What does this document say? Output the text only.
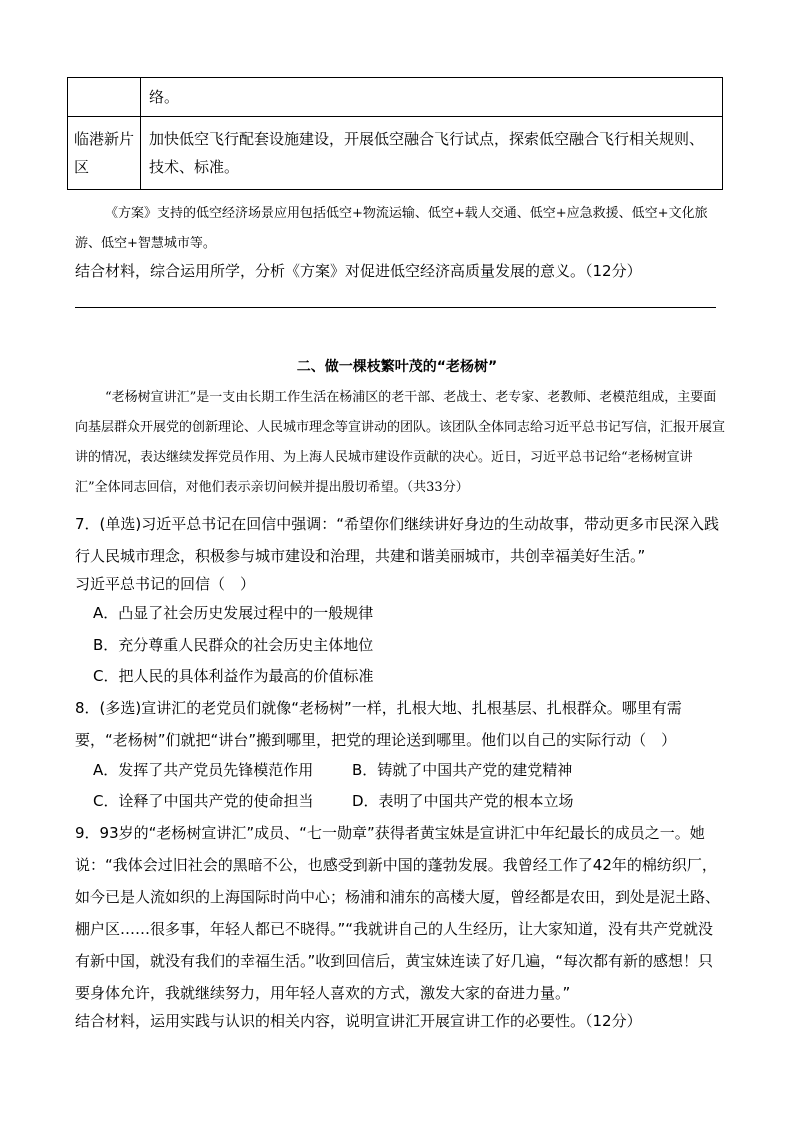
	络。
临港新片区	加快低空飞行配套设施建设，开展低空融合飞行试点，探索低空融合飞行相关规则、技术、标准。

《方案》支持的低空经济场景应用包括低空+物流运输、低空+载人交通、低空+应急救援、低空+文化旅游、低空+智慧城市等。

结合材料，综合运用所学，分析《方案》对促进低空经济高质量发展的意义。（12分）

二、做一棵枝繁叶茂的“老杨树”

“老杨树宣讲汇”是一支由长期工作生活在杨浦区的老干部、老战士、老专家、老教师、老模范组成，主要面向基层群众开展党的创新理论、人民城市理念等宣讲动的团队。该团队全体同志给习近平总书记写信，汇报开展宣讲的情况，表达继续发挥党员作用、为上海人民城市建设作贡献的决心。近日，习近平总书记给“老杨树宣讲汇”全体同志回信，对他们表示亲切问候并提出殷切希望。（共33分）

7．(单选)习近平总书记在回信中强调：“希望你们继续讲好身边的生动故事，带动更多市民深入践行人民城市理念，积极参与城市建设和治理，共建和谐美丽城市，共创幸福美好生活。”

习近平总书记的回信（　）

A．凸显了社会历史发展过程中的一般规律
B．充分尊重人民群众的社会历史主体地位
C．把人民的具体利益作为最高的价值标准

8．(多选)宣讲汇的老党员们就像“老杨树”一样，扎根大地、扎根基层、扎根群众。哪里有需要，“老杨树”们就把“讲台”搬到哪里，把党的理论送到哪里。他们以自己的实际行动（　）

A．发挥了共产党员先锋模范作用	B．铸就了中国共产党的建党精神
C．诠释了中国共产党的使命担当	D．表明了中国共产党的根本立场

9．93岁的“老杨树宣讲汇”成员、“七一勋章”获得者黄宝妹是宣讲汇中年纪最长的成员之一。她说：“我体会过旧社会的黑暗不公，也感受到新中国的蓬勃发展。我曾经工作了42年的棉纺织厂，如今已是人流如织的上海国际时尚中心；杨浦和浦东的高楼大厦，曾经都是农田，到处是泥土路、棚户区……很多事，年轻人都已不晓得。”“我就讲自己的人生经历，让大家知道，没有共产党就没有新中国，就没有我们的幸福生活。”收到回信后，黄宝妹连读了好几遍，“每次都有新的感想！只要身体允许，我就继续努力，用年轻人喜欢的方式，激发大家的奋进力量。”

结合材料，运用实践与认识的相关内容，说明宣讲汇开展宣讲工作的必要性。（12分）
